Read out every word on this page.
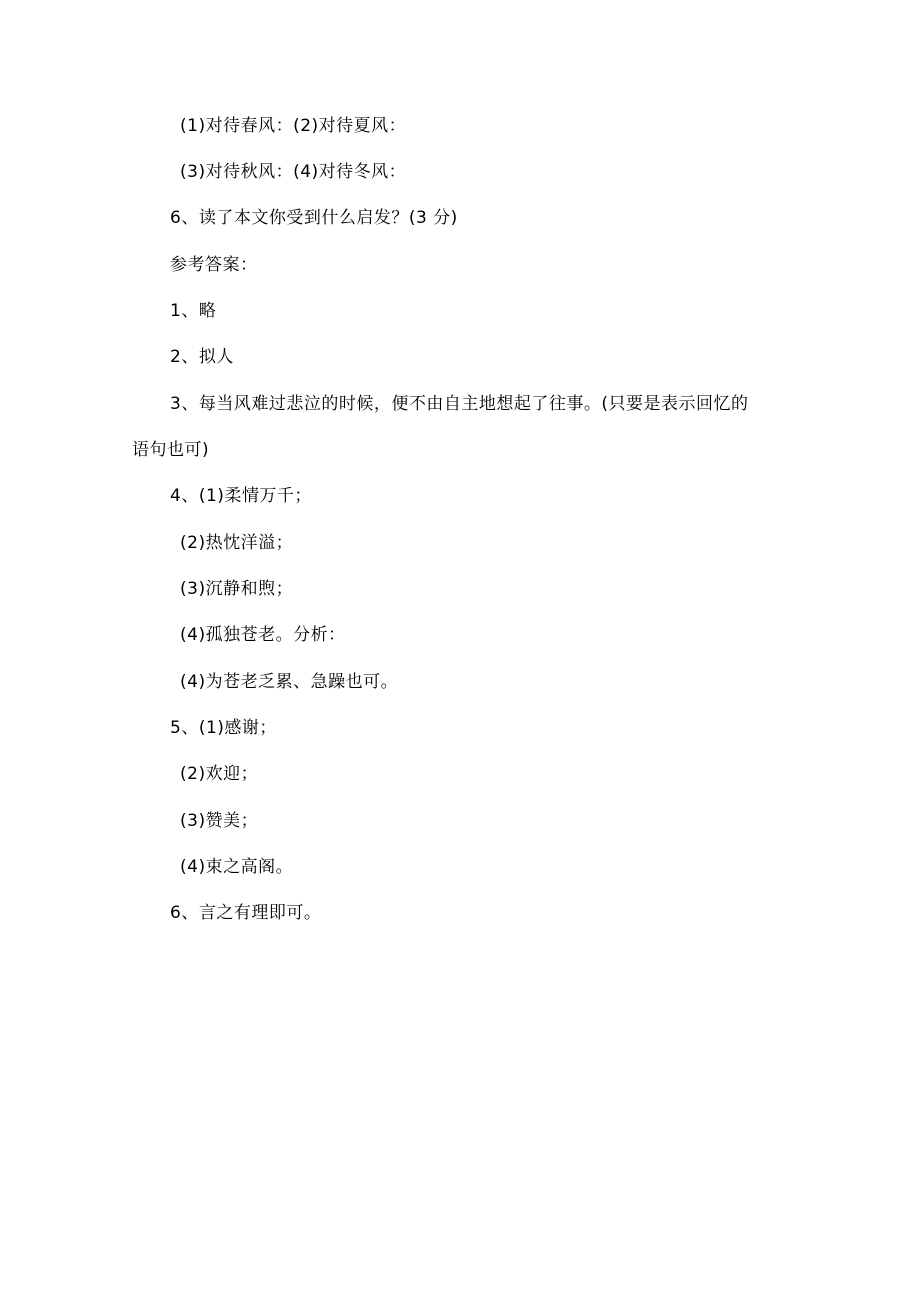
(1)对待春风：(2)对待夏风：
(3)对待秋风：(4)对待冬风：
6、读了本文你受到什么启发？(3 分)
参考答案：
1、略
2、拟人
3、每当风难过悲泣的时候，便不由自主地想起了往事。(只要是表示回忆的
语句也可)
4、(1)柔情万千；
(2)热忱洋溢；
(3)沉静和煦；
(4)孤独苍老。分析：
(4)为苍老乏累、急躁也可。
5、(1)感谢；
(2)欢迎；
(3)赞美；
(4)束之高阁。
6、言之有理即可。
